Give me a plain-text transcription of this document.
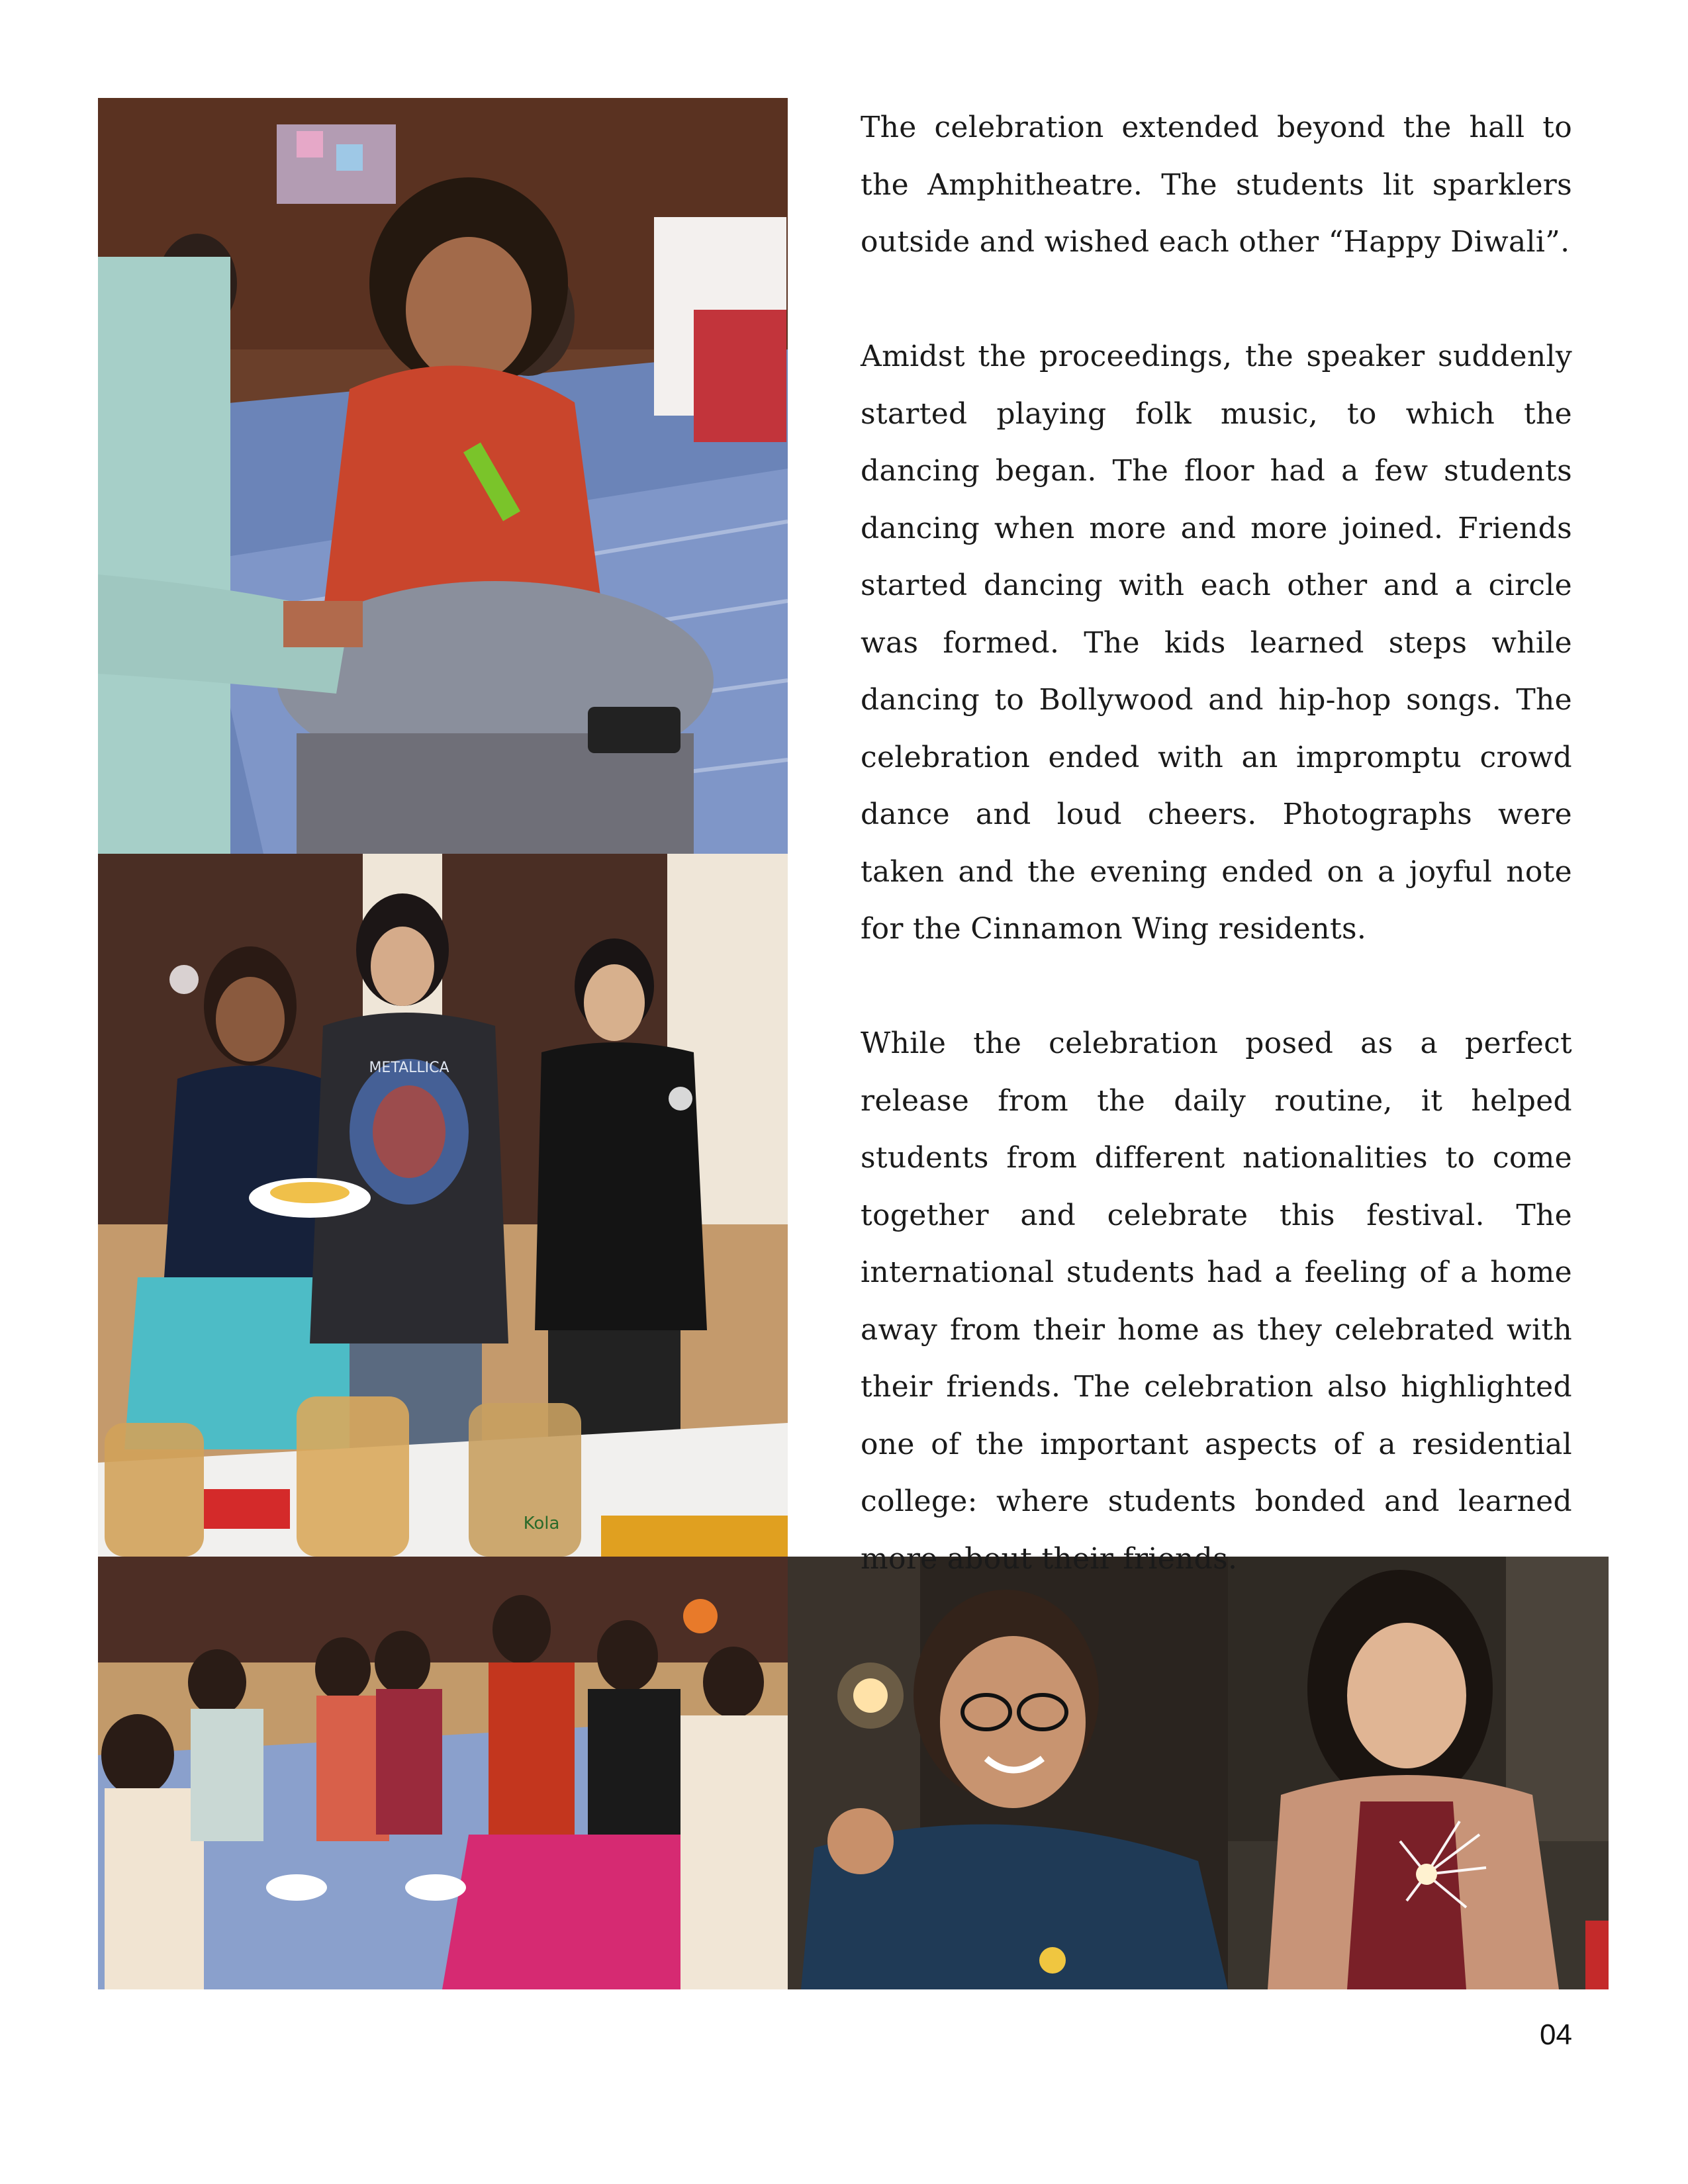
METALLICA
Kola

The celebration extended beyond the hall to the Amphitheatre. The students lit sparklers outside and wished each other “Happy Diwali”.

Amidst the proceedings, the speaker suddenly started playing folk music, to which the dancing began. The floor had a few students dancing when more and more joined. Friends started dancing with each other and a circle was formed. The kids learned steps while dancing to Bollywood and hip-hop songs. The celebration ended with an impromptu crowd dance and loud cheers. Photographs were taken and the evening ended on a joyful note for the Cinnamon Wing residents.

While the celebration posed as a perfect release from the daily routine, it helped students from different nationalities to come together and celebrate this festival. The international students had a feeling of a home away from their home as they celebrated with their friends. The celebration also highlighted one of the important aspects of a residential college: where students bonded and learned more about their friends.

04
